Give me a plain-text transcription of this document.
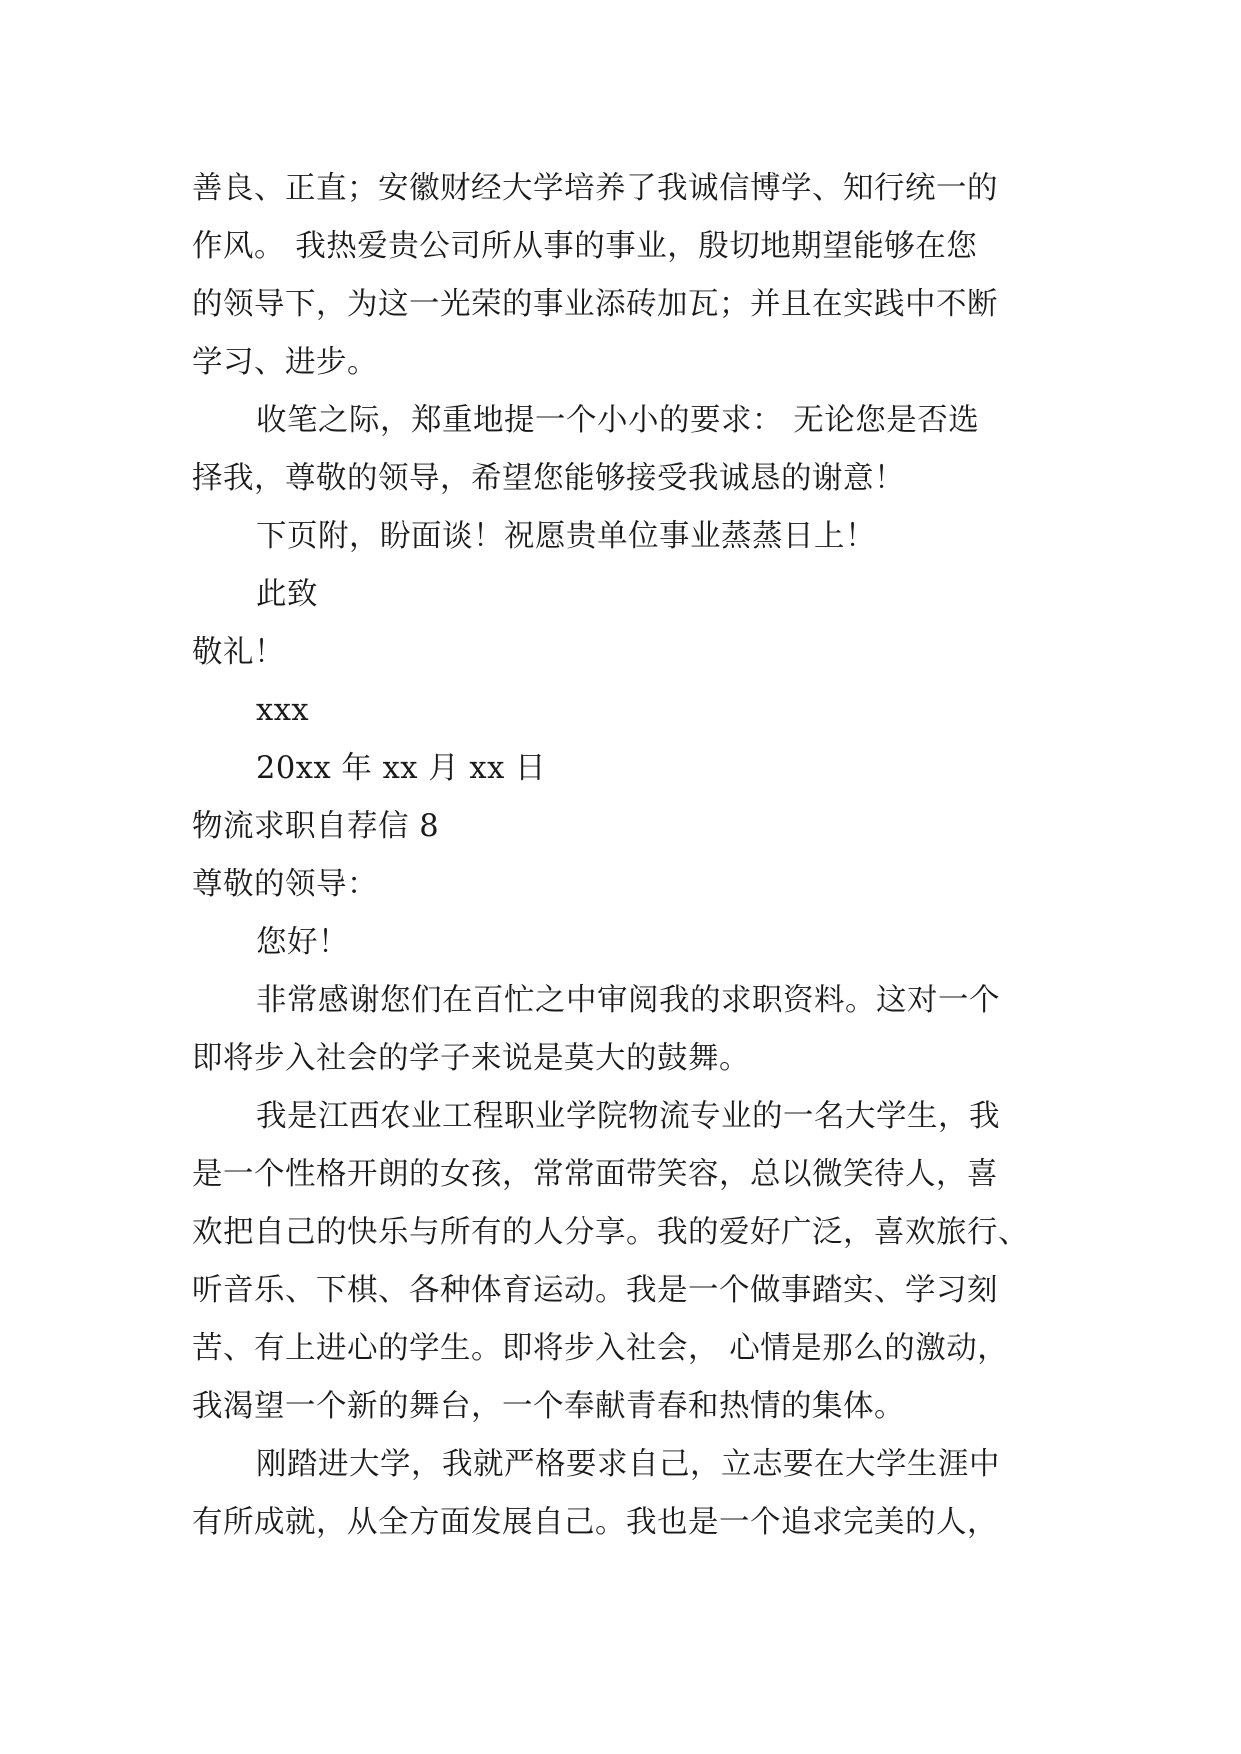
善良、正直；安徽财经大学培养了我诚信博学、知行统一的
作风。 我热爱贵公司所从事的事业，殷切地期望能够在您
的领导下，为这一光荣的事业添砖加瓦；并且在实践中不断
学习、进步。
收笔之际，郑重地提一个小小的要求： 无论您是否选
择我，尊敬的领导，希望您能够接受我诚恳的谢意！
下页附，盼面谈！祝愿贵单位事业蒸蒸日上！
此致
敬礼！
xxx
20xx 年 xx 月 xx 日
物流求职自荐信 8
尊敬的领导：
您好！
非常感谢您们在百忙之中审阅我的求职资料。这对一个
即将步入社会的学子来说是莫大的鼓舞。
我是江西农业工程职业学院物流专业的一名大学生，我
是一个性格开朗的女孩，常常面带笑容，总以微笑待人，喜
欢把自己的快乐与所有的人分享。我的爱好广泛，喜欢旅行、
听音乐、下棋、各种体育运动。我是一个做事踏实、学习刻
苦、有上进心的学生。即将步入社会， 心情是那么的激动，
我渴望一个新的舞台，一个奉献青春和热情的集体。
刚踏进大学，我就严格要求自己，立志要在大学生涯中
有所成就，从全方面发展自己。我也是一个追求完美的人，
